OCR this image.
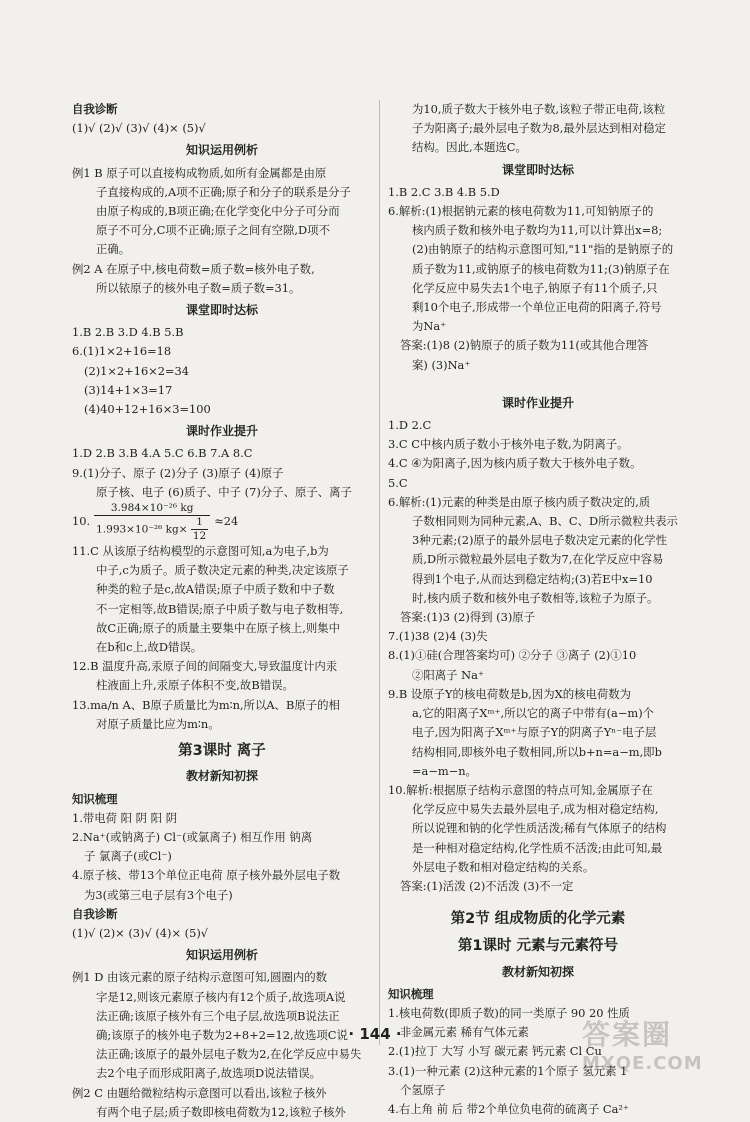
自我诊断
(1)√ (2)√ (3)√ (4)× (5)√
知识运用例析
例1 B 原子可以直接构成物质,如所有金属都是由原
子直接构成的,A项不正确;原子和分子的联系是分子
由原子构成的,B项正确;在化学变化中分子可分而
原子不可分,C项不正确;原子之间有空隙,D项不
正确。
例2 A 在原子中,核电荷数=质子数=核外电子数,
所以铱原子的核外电子数=质子数=31。
课堂即时达标
1.B 2.B 3.D 4.B 5.B
6.(1)1×2+16=18
(2)1×2+16×2=34
(3)14+1×3=17
(4)40+12+16×3=100
课时作业提升
1.D 2.B 3.B 4.A 5.C 6.B 7.A 8.C
9.(1)分子、原子 (2)分子 (3)原子 (4)原子
原子核、电子 (6)质子、中子 (7)分子、原子、离子
10. $\frac{\text{3.984×10⁻²⁶ kg}}{1.993\times 10^{-26} kg\times \frac{1}{12}} \approx 24$
11.C 从该原子结构模型的示意图可知,a为电子,b为
中子,c为质子。质子数决定元素的种类,决定该原子
种类的粒子是c,故A错误;原子中质子数和中子数
不一定相等,故B错误;原子中质子数与电子数相等,
故C正确;原子的质量主要集中在原子核上,则集中
在b和c上,故D错误。
12.B 温度升高,汞原子间的间隔变大,导致温度计内汞
柱液面上升,汞原子体积不变,故B错误。
13.ma/n A、B原子质量比为m∶n,所以A、B原子的相
对原子质量比应为m∶n。
第3课时 离子
教材新知初探
知识梳理
1.带电荷 阳 阴 阳 阴
2.Na⁺(或钠离子) Cl⁻(或氯离子) 相互作用 钠离
子 氯离子(或Cl⁻)
4.原子核、带13个单位正电荷 原子核外最外层电子数
为3(或第三电子层有3个电子)
自我诊断
(1)√ (2)× (3)√ (4)× (5)√
知识运用例析
例1 D 由该元素的原子结构示意图可知,圆圈内的数
字是12,则该元素原子核内有12个质子,故选项A说
法正确;该原子核外有三个电子层,故选项B说法正
确;该原子的核外电子数为2+8+2=12,故选项C说
法正确;该原子的最外层电子数为2,在化学反应中易失
去2个电子而形成阳离子,故选项D说法错误。
例2 C 由题给微粒结构示意图可以看出,该粒子核外
有两个电子层;质子数即核电荷数为12,该粒子核外
为10,质子数大于核外电子数,该粒子带正电荷,该粒
子为阳离子;最外层电子数为8,最外层达到相对稳定
结构。因此,本题选C。
课堂即时达标
1.B 2.C 3.B 4.B 5.D
6.解析:(1)根据钠元素的核电荷数为11,可知钠原子的
核内质子数和核外电子数均为11,可以计算出x=8;
(2)由钠原子的结构示意图可知,"11"指的是钠原子的
质子数为11,或钠原子的核电荷数为11;(3)钠原子在
化学反应中易失去1个电子,钠原子有11个质子,只
剩10个电子,形成带一个单位正电荷的阳离子,符号
为Na⁺
答案:(1)8 (2)钠原子的质子数为11(或其他合理答
案) (3)Na⁺
课时作业提升
1.D 2.C
3.C C中核内质子数小于核外电子数,为阴离子。
4.C ④为阳离子,因为核内质子数大于核外电子数。
5.C
6.解析:(1)元素的种类是由原子核内质子数决定的,质
子数相同则为同种元素,A、B、C、D所示微粒共表示
3种元素;(2)原子的最外层电子数决定元素的化学性
质,D所示微粒最外层电子数为7,在化学反应中容易
得到1个电子,从而达到稳定结构;(3)若E中x=10
时,核内质子数和核外电子数相等,该粒子为原子。
答案:(1)3 (2)得到 (3)原子
7.(1)38 (2)4 (3)失
8.(1)①硅(合理答案均可) ②分子 ③离子 (2)①10
②阳离子 Na⁺
9.B 设原子Y的核电荷数是b,因为X的核电荷数为
a,它的阳离子Xᵐ⁺,所以它的离子中带有(a−m)个
电子,因为阳离子Xᵐ⁺与原子Y的阴离子Yⁿ⁻电子层
结构相同,即核外电子数相同,所以b+n=a−m,即b
=a−m−n。
10.解析:根据原子结构示意图的特点可知,金属原子在
化学反应中易失去最外层电子,成为相对稳定结构,
所以说锂和钠的化学性质活泼;稀有气体原子的结构
是一种相对稳定结构,化学性质不活泼;由此可知,最
外层电子数和相对稳定结构的关系。
答案:(1)活泼 (2)不活泼 (3)不一定
第2节 组成物质的化学元素
第1课时 元素与元素符号
教材新知初探
知识梳理
1.核电荷数(即质子数)的同一类原子 90 20 性质
非金属元素 稀有气体元素
2.(1)拉丁 大写 小写 碳元素 钙元素 Cl Cu
3.(1)一种元素 (2)这种元素的1个原子 氢元素 1
个氢原子
4.右上角 前 后 带2个单位负电荷的硫离子 Ca²⁺
· 144 ·	答案圈
MXQE.COM
